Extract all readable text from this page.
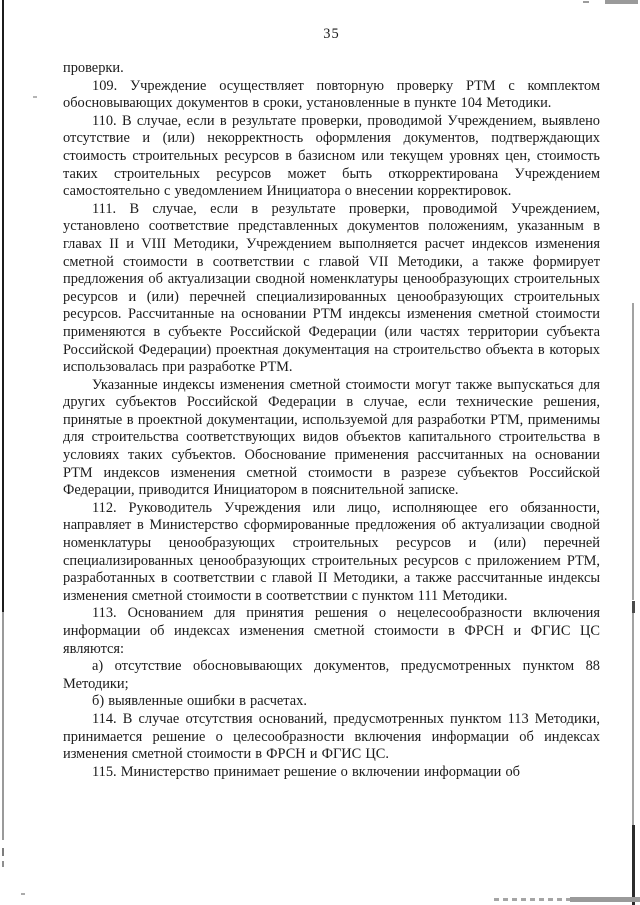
35

проверки.

109. Учреждение осуществляет повторную проверку РТМ с комплектом обосновывающих документов в сроки, установленные в пункте 104 Методики.

110. В случае, если в результате проверки, проводимой Учреждением, выявлено отсутствие и (или) некорректность оформления документов, подтверждающих стоимость строительных ресурсов в базисном или текущем уровнях цен, стоимость таких строительных ресурсов может быть откорректирована Учреждением самостоятельно с уведомлением Инициатора о внесении корректировок.

111. В случае, если в результате проверки, проводимой Учреждением, установлено соответствие представленных документов положениям, указанным в главах II и VIII Методики, Учреждением выполняется расчет индексов изменения сметной стоимости в соответствии с главой VII Методики, а также формирует предложения об актуализации сводной номенклатуры ценообразующих строительных ресурсов и (или) перечней специализированных ценообразующих строительных ресурсов. Рассчитанные на основании РТМ индексы изменения сметной стоимости применяются в субъекте Российской Федерации (или частях территории субъекта Российской Федерации) проектная документация на строительство объекта в которых использовалась при разработке РТМ.

Указанные индексы изменения сметной стоимости могут также выпускаться для других субъектов Российской Федерации в случае, если технические решения, принятые в проектной документации, используемой для разработки РТМ, применимы для строительства соответствующих видов объектов капитального строительства в условиях таких субъектов. Обоснование применения рассчитанных на основании РТМ индексов изменения сметной стоимости в разрезе субъектов Российской Федерации, приводится Инициатором в пояснительной записке.

112. Руководитель Учреждения или лицо, исполняющее его обязанности, направляет в Министерство сформированные предложения об актуализации сводной номенклатуры ценообразующих строительных ресурсов и (или) перечней специализированных ценообразующих строительных ресурсов с приложением РТМ, разработанных в соответствии с главой II Методики, а также рассчитанные индексы изменения сметной стоимости в соответствии с пунктом 111 Методики.

113. Основанием для принятия решения о нецелесообразности включения информации об индексах изменения сметной стоимости в ФРСН и ФГИС ЦС являются:

а) отсутствие обосновывающих документов, предусмотренных пунктом 88 Методики;

б) выявленные ошибки в расчетах.

114. В случае отсутствия оснований, предусмотренных пунктом 113 Методики, принимается решение о целесообразности включения информации об индексах изменения сметной стоимости в ФРСН и ФГИС ЦС.

115. Министерство принимает решение о включении информации об
